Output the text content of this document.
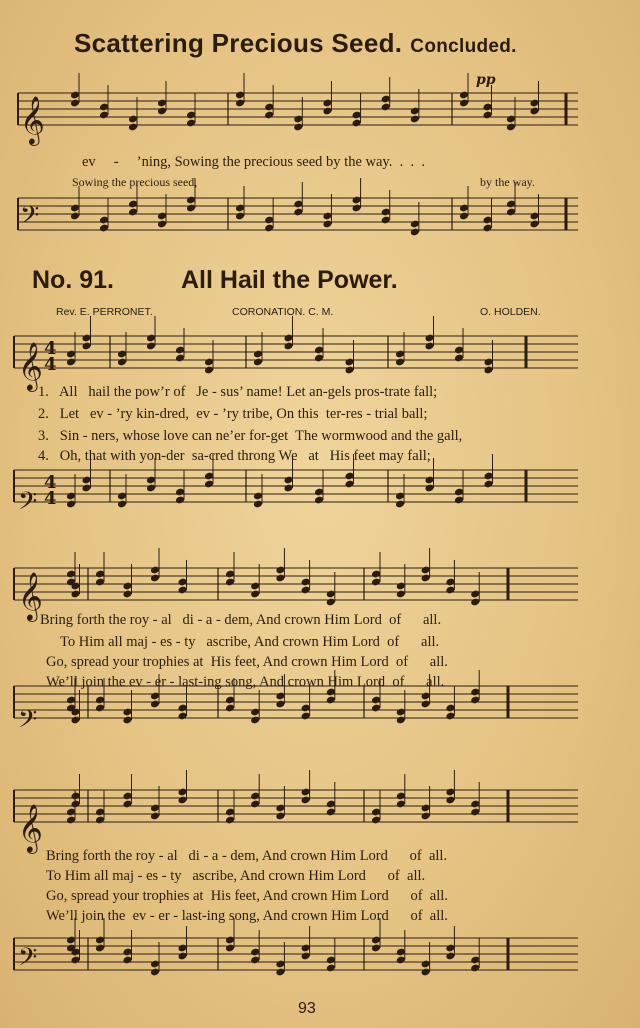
Scattering Precious Seed. Concluded.
𝄞
𝄢
𝄞
𝄢
𝄞
𝄢
𝄞
𝄢
4
4
4
4
pp
ev     -     ’ning, Sowing the precious seed by the way.  .  .  .
Sowing the precious seed,	by the way.
No. 91.	All Hail the Power.
Rev. E. PERRONET.	CORONATION. C. M.	O. HOLDEN.
1.   All   hail the pow’r of   Je - sus’ name! Let an-gels pros-trate fall;
2.   Let   ev - ’ry kin-dred,  ev - ’ry tribe, On this  ter-res - trial ball;
3.   Sin - ners, whose love can ne’er for-get  The wormwood and the gall,
4.   Oh, that with yon-der  sa-cred throng We   at   His feet may fall;
Bring forth the roy - al   di - a - dem, And crown Him Lord  of      all.
To Him all maj - es - ty   ascribe, And crown Him Lord  of      all.
Go, spread your trophies at  His feet, And crown Him Lord  of      all.
We’ll join the ev - er - last-ing song, And crown Him Lord  of      all.
Bring forth the roy - al   di - a - dem, And crown Him Lord      of  all.
To Him all maj - es - ty   ascribe, And crown Him Lord      of  all.
Go, spread your trophies at  His feet, And crown Him Lord      of  all.
We’ll join the  ev - er - last-ing song, And crown Him Lord      of  all.
93
